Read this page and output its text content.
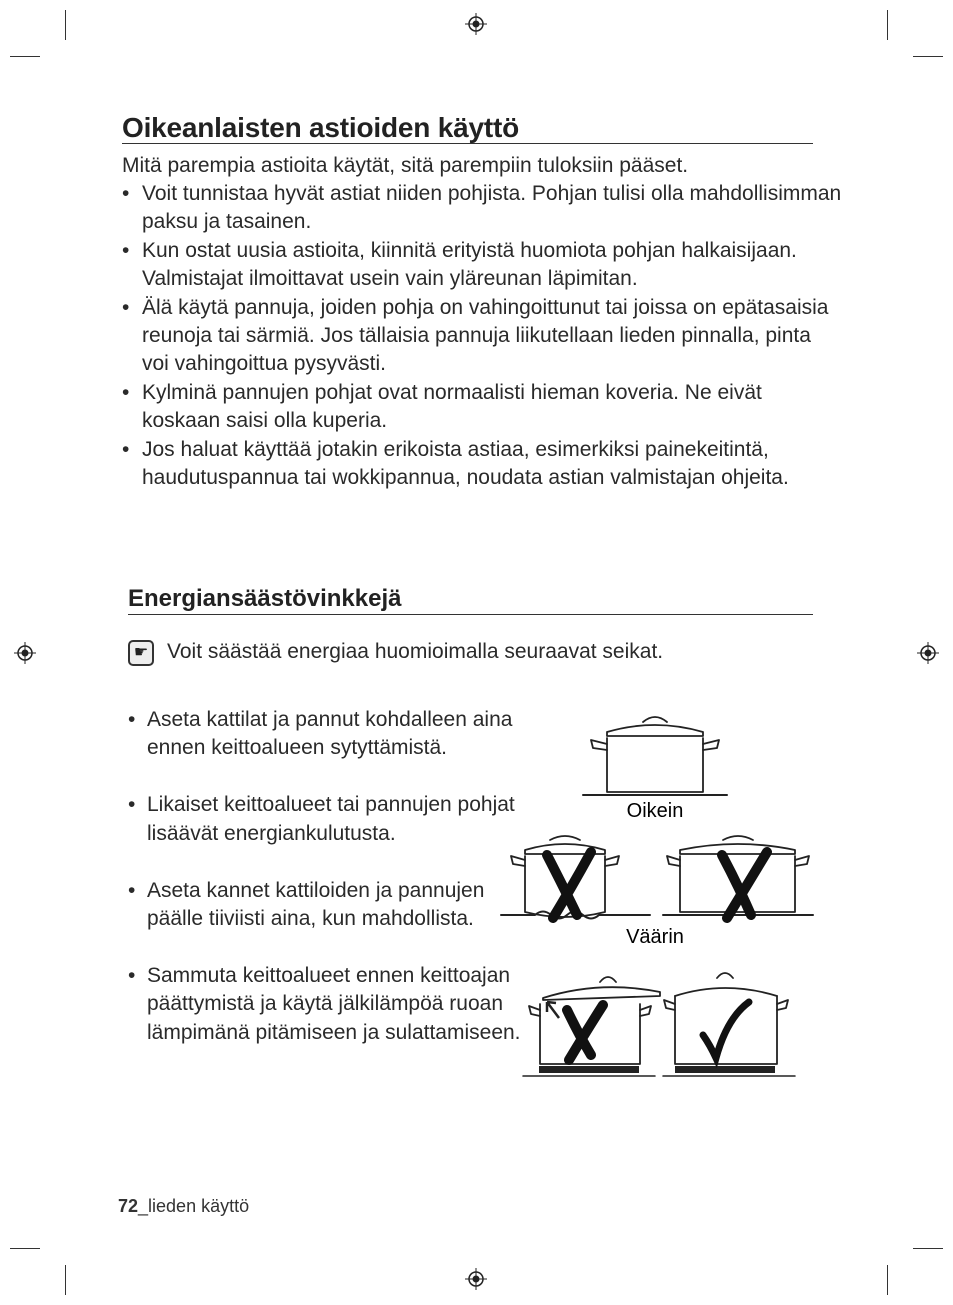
Oikeanlaisten astioiden käyttö

Mitä parempia astioita käytät, sitä parempiin tuloksiin pääset.

• Voit tunnistaa hyvät astiat niiden pohjista. Pohjan tulisi olla mahdollisimman paksu ja tasainen.
• Kun ostat uusia astioita, kiinnitä erityistä huomiota pohjan halkaisijaan. Valmistajat ilmoittavat usein vain yläreunan läpimitan.
• Älä käytä pannuja, joiden pohja on vahingoittunut tai joissa on epätasaisia reunoja tai särmiä. Jos tällaisia pannuja liikutellaan lieden pinnalla, pinta voi vahingoittua pysyvästi.
• Kylminä pannujen pohjat ovat normaalisti hieman koveria. Ne eivät koskaan saisi olla kuperia.
• Jos haluat käyttää jotakin erikoista astiaa, esimerkiksi painekeitintä, haudutuspannua tai wokkipannua, noudata astian valmistajan ohjeita.
Energiansäästövinkkejä
☛ Voit säästää energiaa huomioimalla seuraavat seikat.

• Aseta kattilat ja pannut kohdalleen aina ennen keittoalueen sytyttämistä.
• Likaiset keittoalueet tai pannujen pohjat lisäävät energiankulutusta.
• Aseta kannet kattiloiden ja pannujen päälle tiiviisti aina, kun mahdollista.
• Sammuta keittoalueet ennen keittoajan päättymistä ja käytä jälkilämpöä ruoan lämpimänä pitämiseen ja sulattamiseen.
Oikein
Väärin

72_lieden käyttö
